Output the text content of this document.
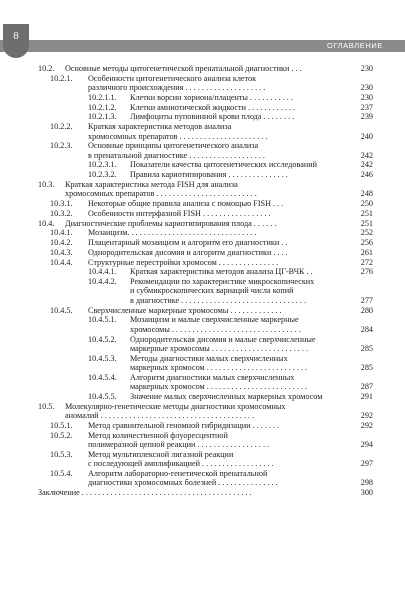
ОГЛАВЛЕНИЕ
8
10.2. Основные методы цитогенетической пренатальной диагностики . . .	230
10.2.1. Особенности цитогенетического анализа клеток
различного происхождения . . . . . . . . . . . . . . . . . . . .	230
10.2.1.1. Клетки ворсин хориона/плаценты . . . . . . . . . . .	230
10.2.1.2. Клетки амниотической жидкости . . . . . . . . . . . .	237
10.2.1.3. Лимфоциты пуповинной крови плода . . . . . . . .	239
10.2.2. Краткая характеристика методов анализа
хромосомных препаратов . . . . . . . . . . . . . . . . . . . . . .	240
10.2.3. Основные принципы цитогенетического анализа
в пренатальной диагностике . . . . . . . . . . . . . . . . . . .	242
10.2.3.1. Показатели качества цитогенетических исследований	242
10.2.3.2. Правила кариотипирования . . . . . . . . . . . . . . .	246
10.3. Краткая характеристика метода FISH для анализа
хромосомных препаратов . . . . . . . . . . . . . . . . . . . . . . . . .	248
10.3.1. Некоторые общие правила анализа с помощью FISH . . .	250
10.3.2. Особенности интерфазной FISH . . . . . . . . . . . . . . . . .	251
10.4. Диагностические проблемы кариотипирования плода . . . . . .	251
10.4.1. Мозаицизм. . . . . . . . . . . . . . . . . . . . . . . . . . . . . . . .	252
10.4.2. Плацентарный мозаицизм и алгоритм его диагностики . .	256
10.4.3. Однородительская дисомия и алгоритм диагностики . . . .	261
10.4.4. Структурные перестройки хромосом . . . . . . . . . . . . . . .	272
10.4.4.1. Краткая характеристика методов анализа ЦГ-ВЧК . .	276
10.4.4.2. Рекомендации по характеристике микроскопических
и субмикроскопических вариаций числа копий
в диагностике . . . . . . . . . . . . . . . . . . . . . . . . . . . . . . .	277
10.4.5. Сверхчисленные маркерные хромосомы . . . . . . . . . . . . .	280
10.4.5.1. Мозаицизм и малые сверхчисленные маркерные
хромосомы . . . . . . . . . . . . . . . . . . . . . . . . . . . . . . . .	284
10.4.5.2. Однородительская дисомия и малые сверхчисленные
маркерные хромосомы . . . . . . . . . . . . . . . . . . . . . . . .	285
10.4.5.3. Методы диагностики малых сверхчисленных
маркерных хромосом . . . . . . . . . . . . . . . . . . . . . . . . .	285
10.4.5.4. Алгоритм диагностики малых сверхчисленных
маркерных хромосом . . . . . . . . . . . . . . . . . . . . . . . . .	287
10.4.5.5. Значение малых сверхчисленных маркерных хромосом	291
10.5. Молекулярно-генетические методы диагностики хромосомных
аномалий . . . . . . . . . . . . . . . . . . . . . . . . . . . . . . . . . . . . . .	292
10.5.1. Метод сравнительной геномной гибридизации . . . . . . .	292
10.5.2. Метод количественной флуоресцентной
полимеразной цепной реакции . . . . . . . . . . . . . . . . . .	294
10.5.3. Метод мультиплексной лигазной реакции
с последующей амплификацией . . . . . . . . . . . . . . . . . .	297
10.5.4. Алгоритм лабораторно-генетической пренатальной
диагностики хромосомных болезней . . . . . . . . . . . . . . .	298
Заключение . . . . . . . . . . . . . . . . . . . . . . . . . . . . . . . . . . . . . . . . . .	300
